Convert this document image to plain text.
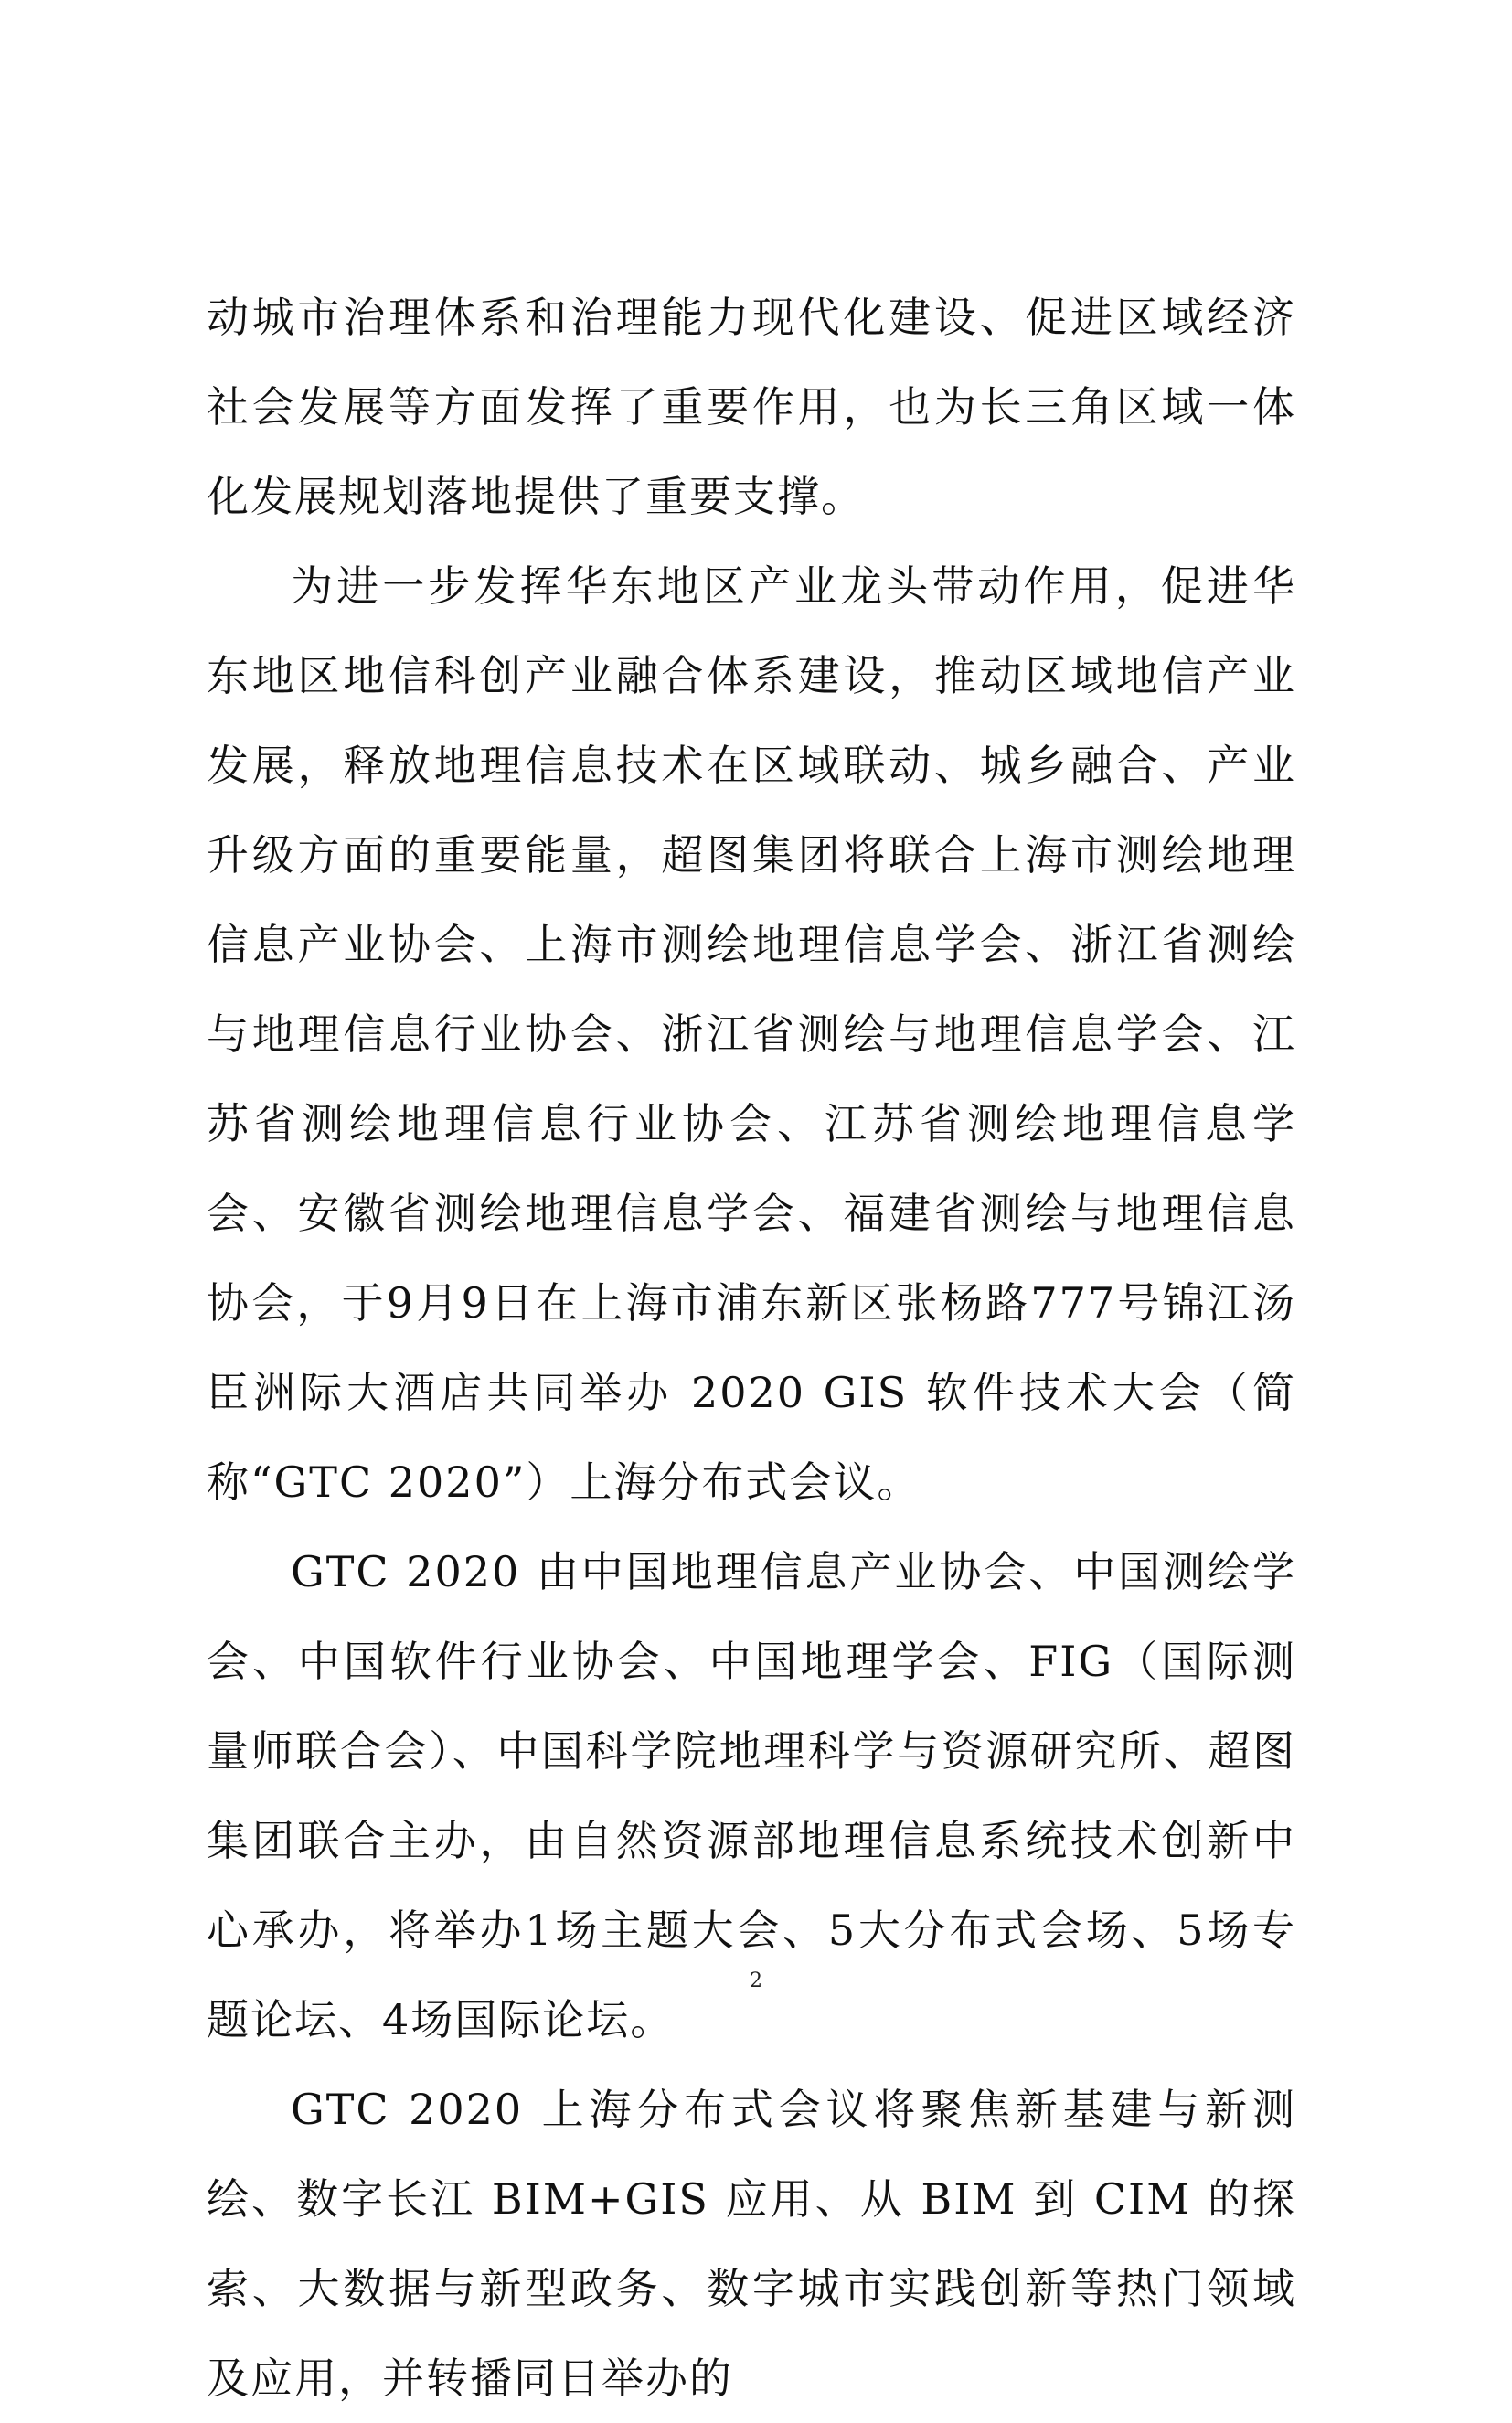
动城市治理体系和治理能力现代化建设、促进区域经济社会发展等方面发挥了重要作用，也为长三角区域一体化发展规划落地提供了重要支撑。

为进一步发挥华东地区产业龙头带动作用，促进华东地区地信科创产业融合体系建设，推动区域地信产业发展，释放地理信息技术在区域联动、城乡融合、产业升级方面的重要能量，超图集团将联合上海市测绘地理信息产业协会、上海市测绘地理信息学会、浙江省测绘与地理信息行业协会、浙江省测绘与地理信息学会、江苏省测绘地理信息行业协会、江苏省测绘地理信息学会、安徽省测绘地理信息学会、福建省测绘与地理信息协会，于9月9日在上海市浦东新区张杨路777号锦江汤臣洲际大酒店共同举办 2020 GIS 软件技术大会（简称“GTC 2020”）上海分布式会议。

GTC 2020 由中国地理信息产业协会、中国测绘学会、中国软件行业协会、中国地理学会、FIG（国际测量师联合会）、中国科学院地理科学与资源研究所、超图集团联合主办，由自然资源部地理信息系统技术创新中心承办，将举办1场主题大会、5大分布式会场、5场专题论坛、4场国际论坛。

GTC 2020 上海分布式会议将聚焦新基建与新测绘、数字长江 BIM+GIS 应用、从 BIM 到 CIM 的探索、大数据与新型政务、数字城市实践创新等热门领域及应用，并转播同日举办的

2
